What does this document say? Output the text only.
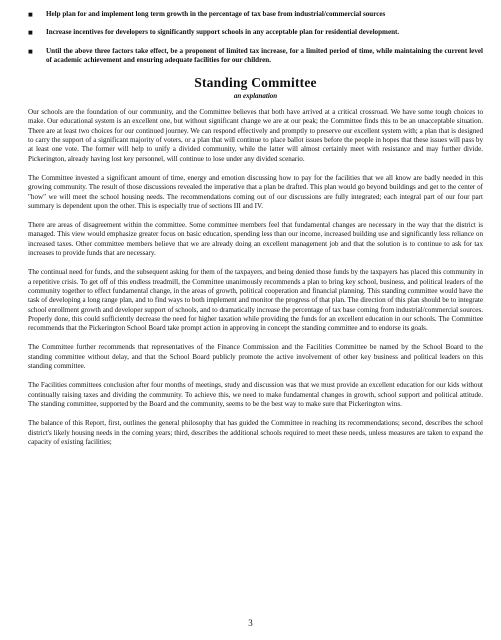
■	Help plan for and implement long term growth in the percentage of tax base from industrial/commercial sources
■	Increase incentives for developers to significantly support schools in any acceptable plan for residential development.
■	Until the above three factors take effect, be a proponent of limited tax increase, for a limited period of time, while maintaining the current level of academic achievement and ensuring adequate facilities for our children.
Standing Committee
an explanation

Our schools are the foundation of our community, and the Committee believes that both have arrived at a critical crossroad. We have some tough choices to make. Our educational system is an excellent one, but without significant change we are at our peak; the Committee finds this to be an unacceptable situation. There are at least two choices for our continued journey. We can respond effectively and promptly to preserve our excellent system with; a plan that is designed to carry the support of a significant majority of voters, or a plan that will continue to place ballot issues before the people in hopes that these issues will pass by at least one vote. The former will help to unify a divided community, while the latter will almost certainly meet with resistance and may further divide. Pickerington, already having lost key personnel, will continue to lose under any divided scenario.

The Committee invested a significant amount of time, energy and emotion discussing how to pay for the facilities that we all know are badly needed in this growing community. The result of those discussions revealed the imperative that a plan be drafted. This plan would go beyond buildings and get to the center of "how" we will meet the school housing needs. The recommendations coming out of our discussions are fully integrated; each integral part of our four part summary is dependent upon the other. This is especially true of sections III and IV.

There are areas of disagreement within the committee. Some committee members feel that fundamental changes are necessary in the way that the district is managed. This view would emphasize greater focus on basic education, spending less than our income, increased building use and significantly less reliance on increased taxes. Other committee members believe that we are already doing an excellent management job and that the solution is to continue to ask for tax increases to provide funds that are necessary.

The continual need for funds, and the subsequent asking for them of the taxpayers, and being denied those funds by the taxpayers has placed this community in a repetitive crisis. To get off of this endless treadmill, the Committee unanimously recommends a plan to bring key school, business, and political leaders of the community together to effect fundamental change, in the areas of growth, political cooperation and financial planning. This standing committee would have the task of developing a long range plan, and to find ways to both implement and monitor the progress of that plan. The direction of this plan should be to integrate school enrollment growth and developer support of schools, and to dramatically increase the percentage of tax base coming from industrial/commercial sources. Properly done, this could sufficiently decrease the need for higher taxation while providing the funds for an excellent education in our schools. The Committee recommends that the Pickerington School Board take prompt action in approving in concept the standing committee and to endorse its goals.

The Committee further recommends that representatives of the Finance Commission and the Facilities Committee be named by the School Board to the standing committee without delay, and that the School Board publicly promote the active involvement of other key business and political leaders on this standing committee.

The Facilities committees conclusion after four months of meetings, study and discussion was that we must provide an excellent education for our kids without continually raising taxes and dividing the community. To achieve this, we need to make fundamental changes in growth, school support and political attitude. The standing committee, supported by the Board and the community, seems to be the best way to make sure that Pickerington wins.

The balance of this Report, first, outlines the general philosophy that has guided the Committee in reaching its recommendations; second, describes the school district's likely housing needs in the coming years; third, describes the additional schools required to meet these needs, unless measures are taken to expand the capacity of existing facilities;

3
